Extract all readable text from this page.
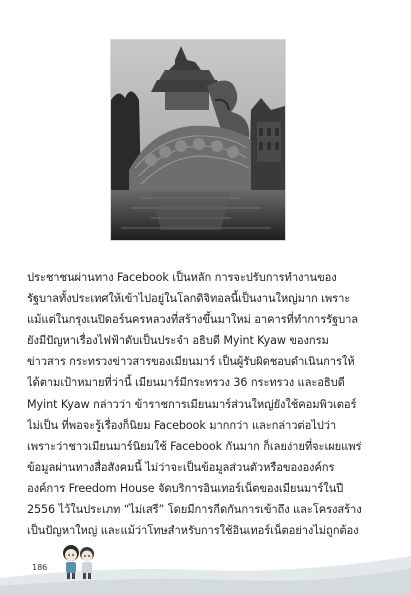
ประชาชนผ่านทาง Facebook เป็นหลัก การจะปรับการทำงานของ
รัฐบาลทั้งประเทศให้เข้าไปอยู่ในโลกดิจิทอลนี้เป็นงานใหญ่มาก เพราะ
แม้แต่ในกรุงเนปิดอร์นครหลวงที่สร้างขึ้นมาใหม่ อาคารที่ทำการรัฐบาล
ยังมีปัญหาเรื่องไฟฟ้าดับเป็นประจำ อธิบดี Myint Kyaw ของกรม
ข่าวสาร กระทรวงข่าวสารของเมียนมาร์ เป็นผู้รับผิดชอบดำเนินการให้
ได้ตามเป้าหมายที่ว่านี้ เมียนมาร์มีกระทรวง 36 กระทรวง และอธิบดี
Myint Kyaw กล่าวว่า ข้าราชการเมียนมาร์ส่วนใหญ่ยังใช้คอมพิวเตอร์
ไม่เป็น ที่พอจะรู้เรื่องก็นิยม Facebook มากกว่า และกล่าวต่อไปว่า
เพราะว่าชาวเมียนมาร์นิยมใช้ Facebook กันมาก ก็เลยง่ายที่จะเผยแพร่
ข้อมูลผ่านทางสื่อสังคมนี้ ไม่ว่าจะเป็นข้อมูลส่วนตัวหรือขององค์กร
องค์การ Freedom House จัดบริการอินเทอร์เน็ตของเมียนมาร์ในปี
2556 ไว้ในประเภท “ไม่เสรี” โดยมีการกีดกันการเข้าถึง และโครงสร้าง
เป็นปัญหาใหญ่ และแม้ว่าโทษสำหรับการใช้อินเทอร์เน็ตอย่างไม่ถูกต้อง
186
